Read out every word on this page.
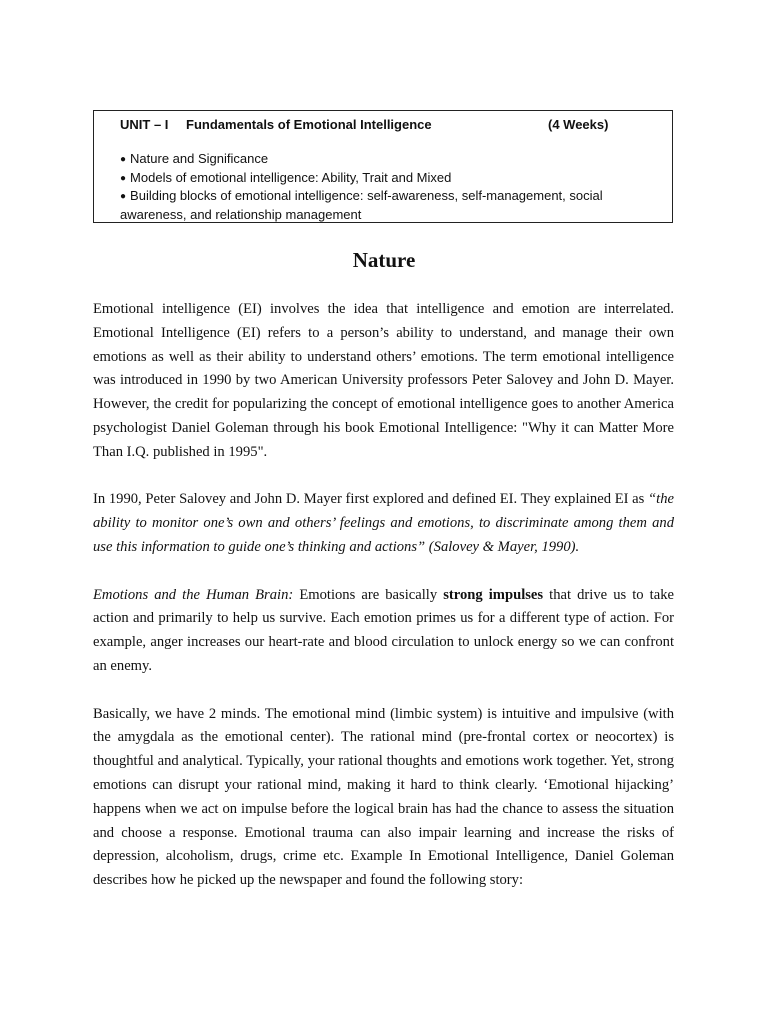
UNIT – I Fundamentals of Emotional Intelligence	(4 Weeks)
● Nature and Significance
● Models of emotional intelligence: Ability, Trait and Mixed
● Building blocks of emotional intelligence: self-awareness, self-management, social awareness, and relationship management
Nature

Emotional intelligence (EI) involves the idea that intelligence and emotion are interrelated. Emotional Intelligence (EI) refers to a person’s ability to understand, and manage their own emotions as well as their ability to understand others’ emotions. The term emotional intelligence was introduced in 1990 by two American University professors Peter Salovey and John D. Mayer. However, the credit for popularizing the concept of emotional intelligence goes to another America psychologist Daniel Goleman through his book Emotional Intelligence: "Why it can Matter More Than I.Q. published in 1995".

In 1990, Peter Salovey and John D. Mayer first explored and defined EI. They explained EI as “the ability to monitor one’s own and others’ feelings and emotions, to discriminate among them and use this information to guide one’s thinking and actions” (Salovey & Mayer, 1990).

Emotions and the Human Brain: Emotions are basically strong impulses that drive us to take action and primarily to help us survive. Each emotion primes us for a different type of action. For example, anger increases our heart-rate and blood circulation to unlock energy so we can confront an enemy.

Basically, we have 2 minds. The emotional mind (limbic system) is intuitive and impulsive (with the amygdala as the emotional center). The rational mind (pre-frontal cortex or neocortex) is thoughtful and analytical. Typically, your rational thoughts and emotions work together. Yet, strong emotions can disrupt your rational mind, making it hard to think clearly. ‘Emotional hijacking’ happens when we act on impulse before the logical brain has had the chance to assess the situation and choose a response. Emotional trauma can also impair learning and increase the risks of depression, alcoholism, drugs, crime etc. Example In Emotional Intelligence, Daniel Goleman describes how he picked up the newspaper and found the following story:
